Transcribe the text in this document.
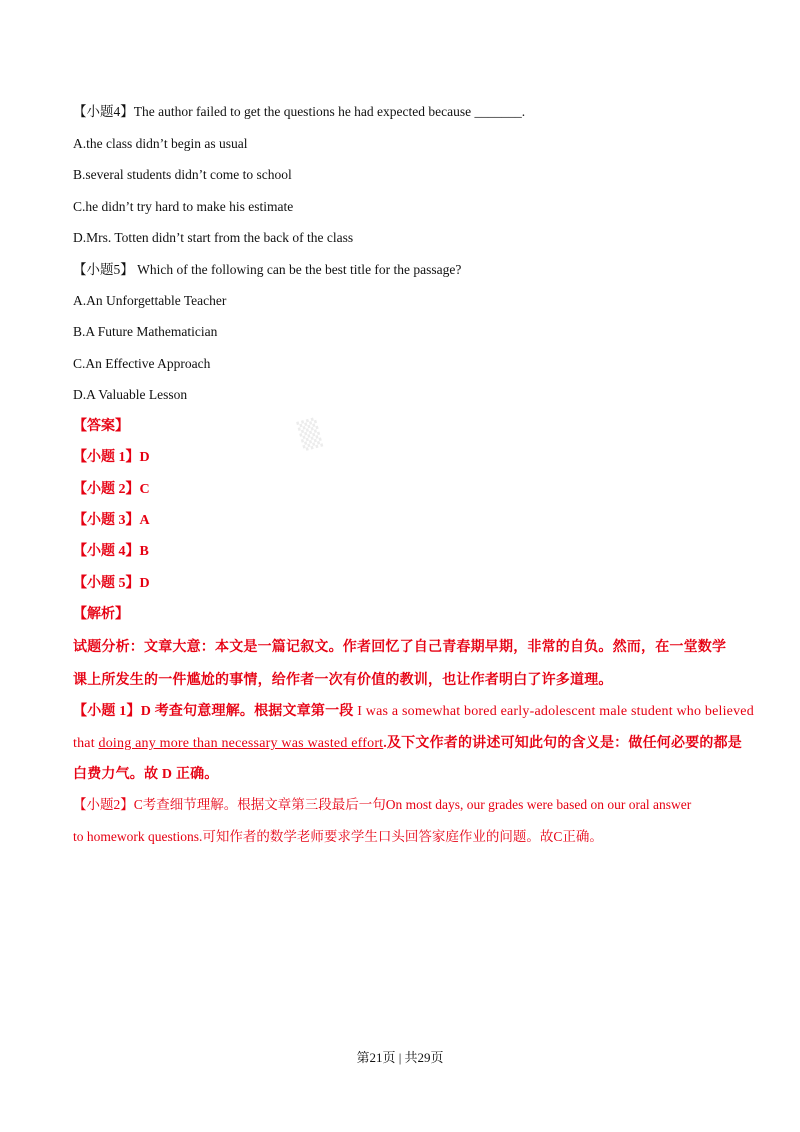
▒
【小题4】The author failed to get the questions he had expected because _______.
A.the class didn’t begin as usual
B.several students didn’t come to school
C.he didn’t try hard to make his estimate
D.Mrs. Totten didn’t start from the back of the class
【小题5】 Which of the following can be the best title for the passage?
A.An Unforgettable Teacher
B.A Future Mathematician
C.An Effective Approach
D.A Valuable Lesson
【答案】
【小题 1】D
【小题 2】C
【小题 3】A
【小题 4】B
【小题 5】D
【解析】
试题分析：文章大意：本文是一篇记叙文。作者回忆了自己青春期早期，非常的自负。然而，在一堂数学
课上所发生的一件尴尬的事情，给作者一次有价值的教训，也让作者明白了许多道理。
【小题 1】D 考查句意理解。根据文章第一段 I was a somewhat bored early-adolescent male student who believed
that doing any more than necessary was wasted effort.及下文作者的讲述可知此句的含义是：做任何必要的都是
白费力气。故 D 正确。
【小题2】C考查细节理解。根据文章第三段最后一句On most days, our grades were based on our oral answer
to homework questions.可知作者的数学老师要求学生口头回答家庭作业的问题。故C正确。
第21页 | 共29页
